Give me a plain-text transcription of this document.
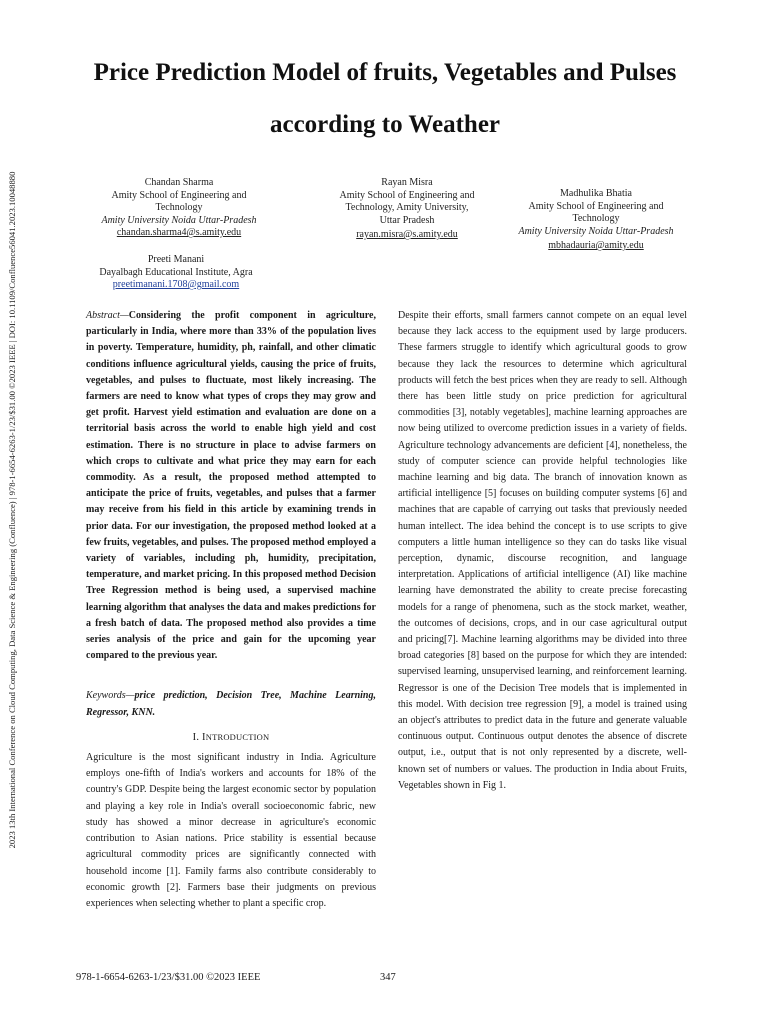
Price Prediction Model of fruits, Vegetables and Pulses according to Weather
2023 13th International Conference on Cloud Computing, Data Science & Engineering (Confluence) | 978-1-6654-6263-1/23/$31.00 ©2023 IEEE | DOI: 10.1109/Confluence56041.2023.10048880	Chandan Sharma
Amity School of Engineering and Technology
Amity University Noida Uttar-Pradesh
chandan.sharma4@s.amity.edu
Rayan Misra
Amity School of Engineering and Technology, Amity University, Uttar Pradesh
rayan.misra@s.amity.edu
Madhulika Bhatia
Amity School of Engineering and Technology
Amity University Noida Uttar-Pradesh
mbhadauria@amity.edu
Preeti Manani
Dayalbagh Educational Institute, Agra
preetimanani.1708@gmail.com

Abstract—Considering the profit component in agriculture, particularly in India, where more than 33% of the population lives in poverty. Temperature, humidity, ph, rainfall, and other climatic conditions influence agricultural yields, causing the price of fruits, vegetables, and pulses to fluctuate, most likely increasing. The farmers are need to know what types of crops they may grow and get profit. Harvest yield estimation and evaluation are done on a territorial basis across the world to enable high yield and cost estimation. There is no structure in place to advise farmers on which crops to cultivate and what price they may earn for each commodity. As a result, the proposed method attempted to anticipate the price of fruits, vegetables, and pulses that a farmer may receive from his field in this article by examining trends in prior data. For our investigation, the proposed method looked at a few fruits, vegetables, and pulses. The proposed method employed a variety of variables, including ph, humidity, precipitation, temperature, and market pricing. In this proposed method Decision Tree Regression method is being used, a supervised machine learning algorithm that analyses the data and makes predictions for a fresh batch of data. The proposed method also provides a time series analysis of the price and gain for the upcoming year compared to the previous year.

Keywords—price prediction, Decision Tree, Machine Learning, Regressor, KNN.

I. INTRODUCTION

Agriculture is the most significant industry in India. Agriculture employs one-fifth of India's workers and accounts for 18% of the country's GDP. Despite being the largest economic sector by population and playing a key role in India's overall socioeconomic fabric, new study has showed a minor decrease in agriculture's economic contribution to Asian nations. Price stability is essential because agricultural commodity prices are significantly connected with household income [1]. Family farms also contribute considerably to economic growth [2]. Farmers base their judgments on previous experiences when selecting whether to plant a specific crop.

Despite their efforts, small farmers cannot compete on an equal level because they lack access to the equipment used by large producers. These farmers struggle to identify which agricultural goods to grow because they lack the resources to determine which agricultural products will fetch the best prices when they are ready to sell. Although there has been little study on price prediction for agricultural commodities [3], notably vegetables], machine learning approaches are now being utilized to overcome prediction issues in a variety of fields. Agriculture technology advancements are deficient [4], nonetheless, the study of computer science can provide helpful technologies like machine learning and big data. The branch of innovation known as artificial intelligence [5] focuses on building computer systems [6] and machines that are capable of carrying out tasks that previously needed human intellect. The idea behind the concept is to use scripts to give computers a little human intelligence so they can do tasks like visual perception, dynamic, discourse recognition, and language interpretation. Applications of artificial intelligence (AI) like machine learning have demonstrated the ability to create precise forecasting models for a range of phenomena, such as the stock market, weather, the outcomes of decisions, crops, and in our case agricultural output and pricing[7]. Machine learning algorithms may be divided into three broad categories [8] based on the purpose for which they are intended: supervised learning, unsupervised learning, and reinforcement learning. Regressor is one of the Decision Tree models that is implemented in this model. With decision tree regression [9], a model is trained using an object's attributes to predict data in the future and generate valuable continuous output. Continuous output denotes the absence of discrete output, i.e., output that is not only represented by a discrete, well-known set of numbers or values. The production in India about Fruits, Vegetables shown in Fig 1.

978-1-6654-6263-1/23/$31.00 ©2023 IEEE	347
